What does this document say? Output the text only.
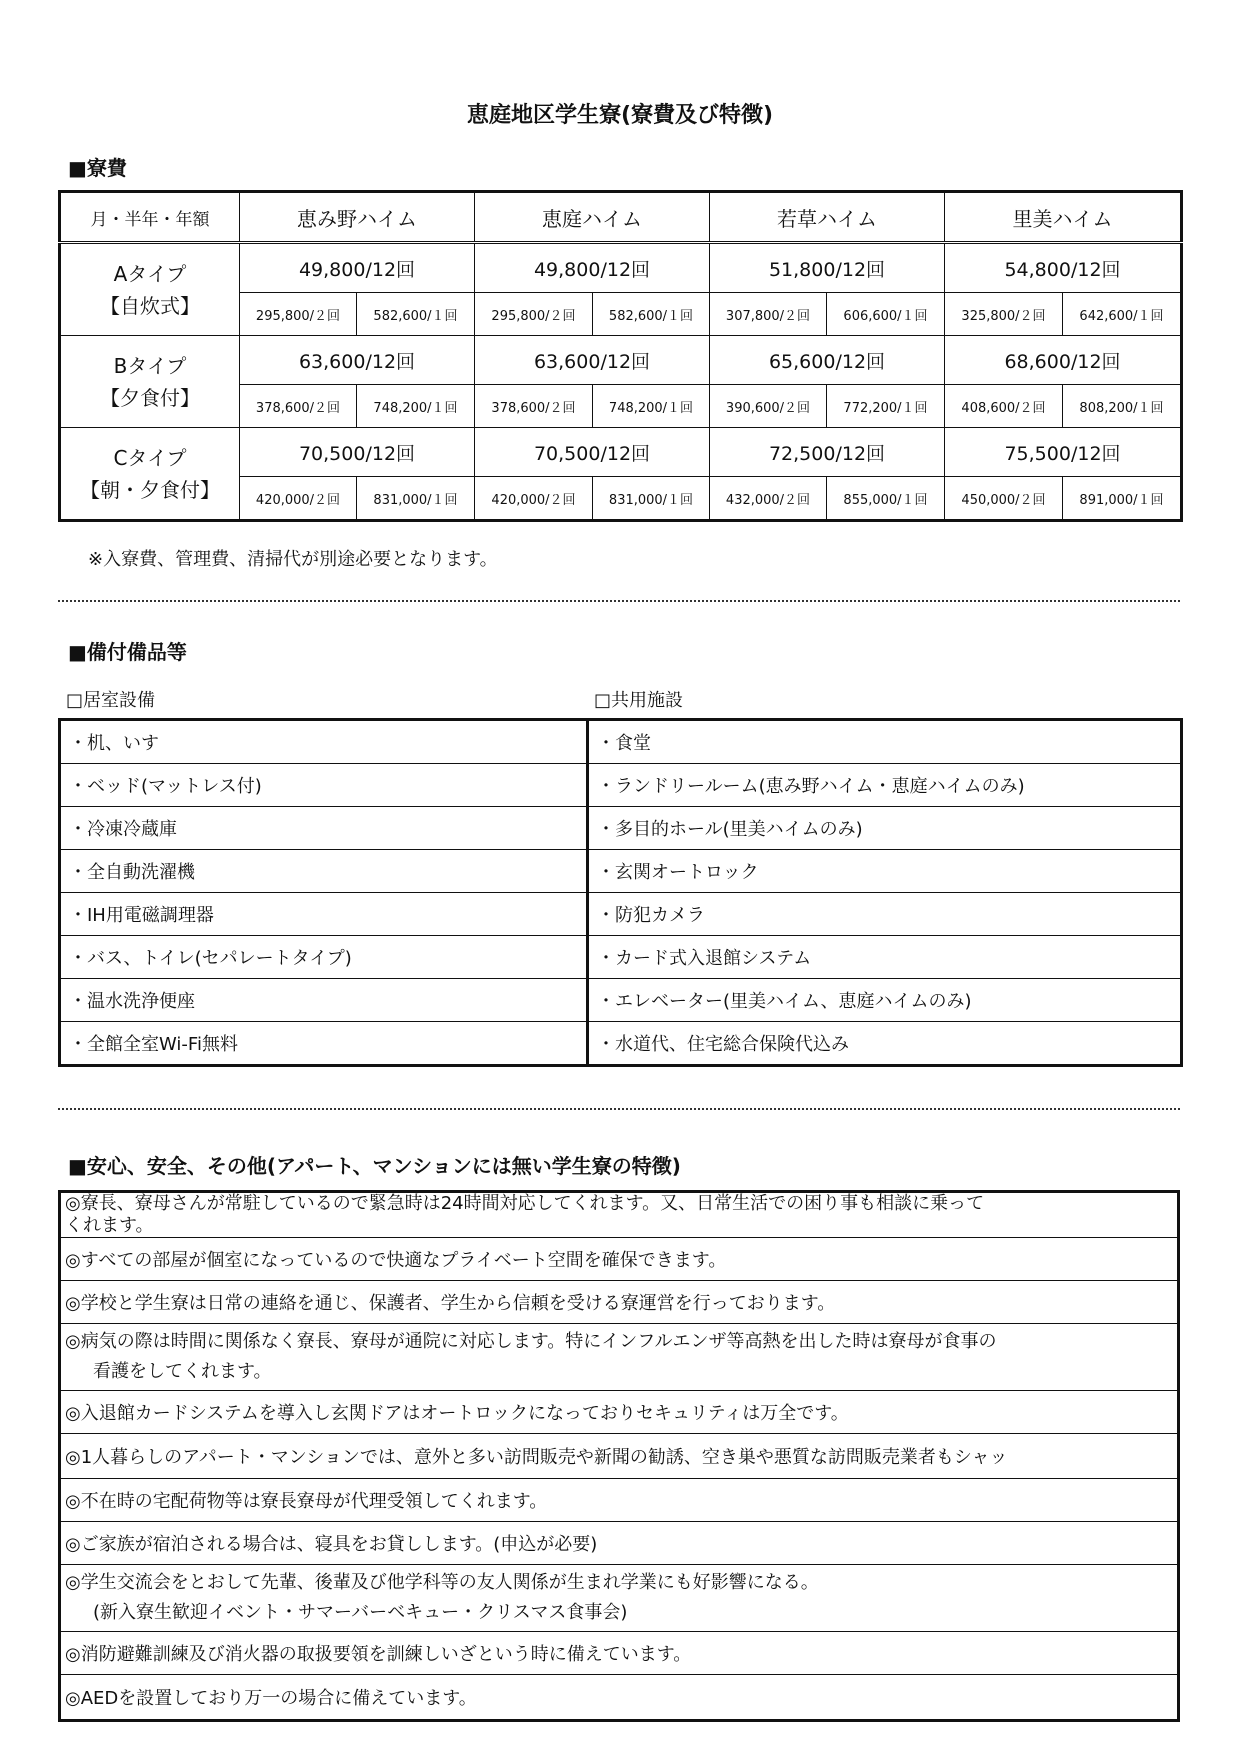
恵庭地区学生寮(寮費及び特徴)
■寮費
月・半年・年額	恵み野ハイム		恵庭ハイム		若草ハイム		里美ハイム	
Aタイプ
【自炊式】	49,800/12回		49,800/12回		51,800/12回		54,800/12回	
	295,800/２回	582,600/１回	295,800/２回	582,600/１回	307,800/２回	606,600/１回	325,800/２回	642,600/１回
Bタイプ
【夕食付】	63,600/12回		63,600/12回		65,600/12回		68,600/12回	
	378,600/２回	748,200/１回	378,600/２回	748,200/１回	390,600/２回	772,200/１回	408,600/２回	808,200/１回
Cタイプ
【朝・夕食付】	70,500/12回		70,500/12回		72,500/12回		75,500/12回	
	420,000/２回	831,000/１回	420,000/２回	831,000/１回	432,000/２回	855,000/１回	450,000/２回	891,000/１回
※入寮費、管理費、清掃代が別途必要となります。
■備付備品等
□居室設備	□共用施設
・机、いす	・食堂
・ベッド(マットレス付)	・ランドリールーム(恵み野ハイム・恵庭ハイムのみ)
・冷凍冷蔵庫	・多目的ホール(里美ハイムのみ)
・全自動洗濯機	・玄関オートロック
・IH用電磁調理器	・防犯カメラ
・バス、トイレ(セパレートタイプ)	・カード式入退館システム
・温水洗浄便座	・エレベーター(里美ハイム、恵庭ハイムのみ)
・全館全室Wi-Fi無料	・水道代、住宅総合保険代込み
■安心、安全、その他(アパート、マンションには無い学生寮の特徴)
◎寮長、寮母さんが常駐しているので緊急時は24時間対応してくれます。又、日常生活での困り事も相談に乗って
くれます。

◎すべての部屋が個室になっているので快適なプライベート空間を確保できます。

◎学校と学生寮は日常の連絡を通じ、保護者、学生から信頼を受ける寮運営を行っております。

◎病気の際は時間に関係なく寮長、寮母が通院に対応します。特にインフルエンザ等高熱を出した時は寮母が食事の
看護をしてくれます。

◎入退館カードシステムを導入し玄関ドアはオートロックになっておりセキュリティは万全です。

◎1人暮らしのアパート・マンションでは、意外と多い訪問販売や新聞の勧誘、空き巣や悪質な訪問販売業者もシャッ

◎不在時の宅配荷物等は寮長寮母が代理受領してくれます。

◎ご家族が宿泊される場合は、寝具をお貸しします。(申込が必要)

◎学生交流会をとおして先輩、後輩及び他学科等の友人関係が生まれ学業にも好影響になる。
(新入寮生歓迎イベント・サマーバーベキュー・クリスマス食事会)

◎消防避難訓練及び消火器の取扱要領を訓練しいざという時に備えています。

◎AEDを設置しており万一の場合に備えています。
